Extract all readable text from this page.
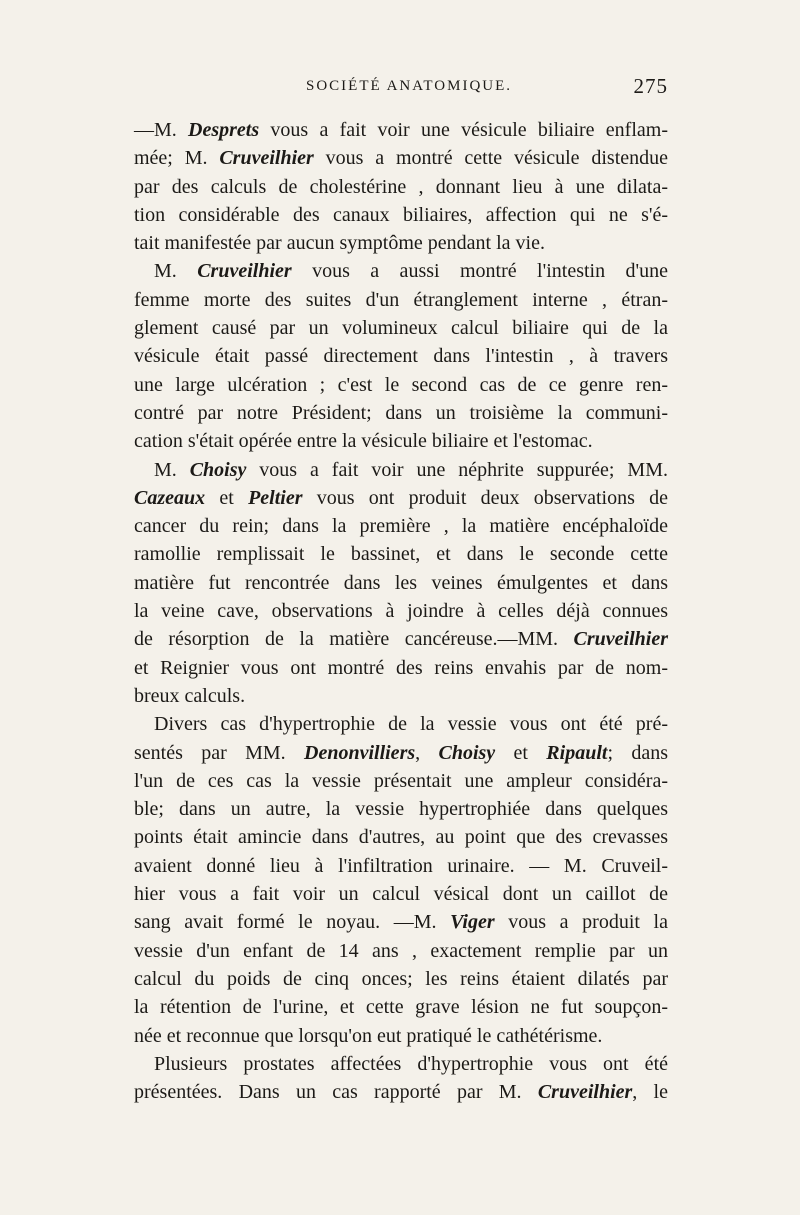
SOCIÉTÉ ANATOMIQUE.	275
—M. Desprets vous a fait voir une vésicule biliaire enflam-
mée; M. Cruveilhier vous a montré cette vésicule distendue
par des calculs de cholestérine , donnant lieu à une dilata-
tion considérable des canaux biliaires, affection qui ne s'é-
tait manifestée par aucun symptôme pendant la vie.
M. Cruveilhier vous a aussi montré l'intestin d'une
femme morte des suites d'un étranglement interne , étran-
glement causé par un volumineux calcul biliaire qui de la
vésicule était passé directement dans l'intestin , à travers
une large ulcération ; c'est le second cas de ce genre ren-
contré par notre Président; dans un troisième la communi-
cation s'était opérée entre la vésicule biliaire et l'estomac.
M. Choisy vous a fait voir une néphrite suppurée; MM.
Cazeaux et Peltier vous ont produit deux observations de
cancer du rein; dans la première , la matière encéphaloïde
ramollie remplissait le bassinet, et dans le seconde cette
matière fut rencontrée dans les veines émulgentes et dans
la veine cave, observations à joindre à celles déjà connues
de résorption de la matière cancéreuse.—MM. Cruveilhier
et Reignier vous ont montré des reins envahis par de nom-
breux calculs.
Divers cas d'hypertrophie de la vessie vous ont été pré-
sentés par MM. Denonvilliers, Choisy et Ripault; dans
l'un de ces cas la vessie présentait une ampleur considéra-
ble; dans un autre, la vessie hypertrophiée dans quelques
points était amincie dans d'autres, au point que des crevasses
avaient donné lieu à l'infiltration urinaire. — M. Cruveil-
hier vous a fait voir un calcul vésical dont un caillot de
sang avait formé le noyau. —M. Viger vous a produit la
vessie d'un enfant de 14 ans , exactement remplie par un
calcul du poids de cinq onces; les reins étaient dilatés par
la rétention de l'urine, et cette grave lésion ne fut soupçon-
née et reconnue que lorsqu'on eut pratiqué le cathétérisme.
Plusieurs prostates affectées d'hypertrophie vous ont été
présentées. Dans un cas rapporté par M. Cruveilhier, le
